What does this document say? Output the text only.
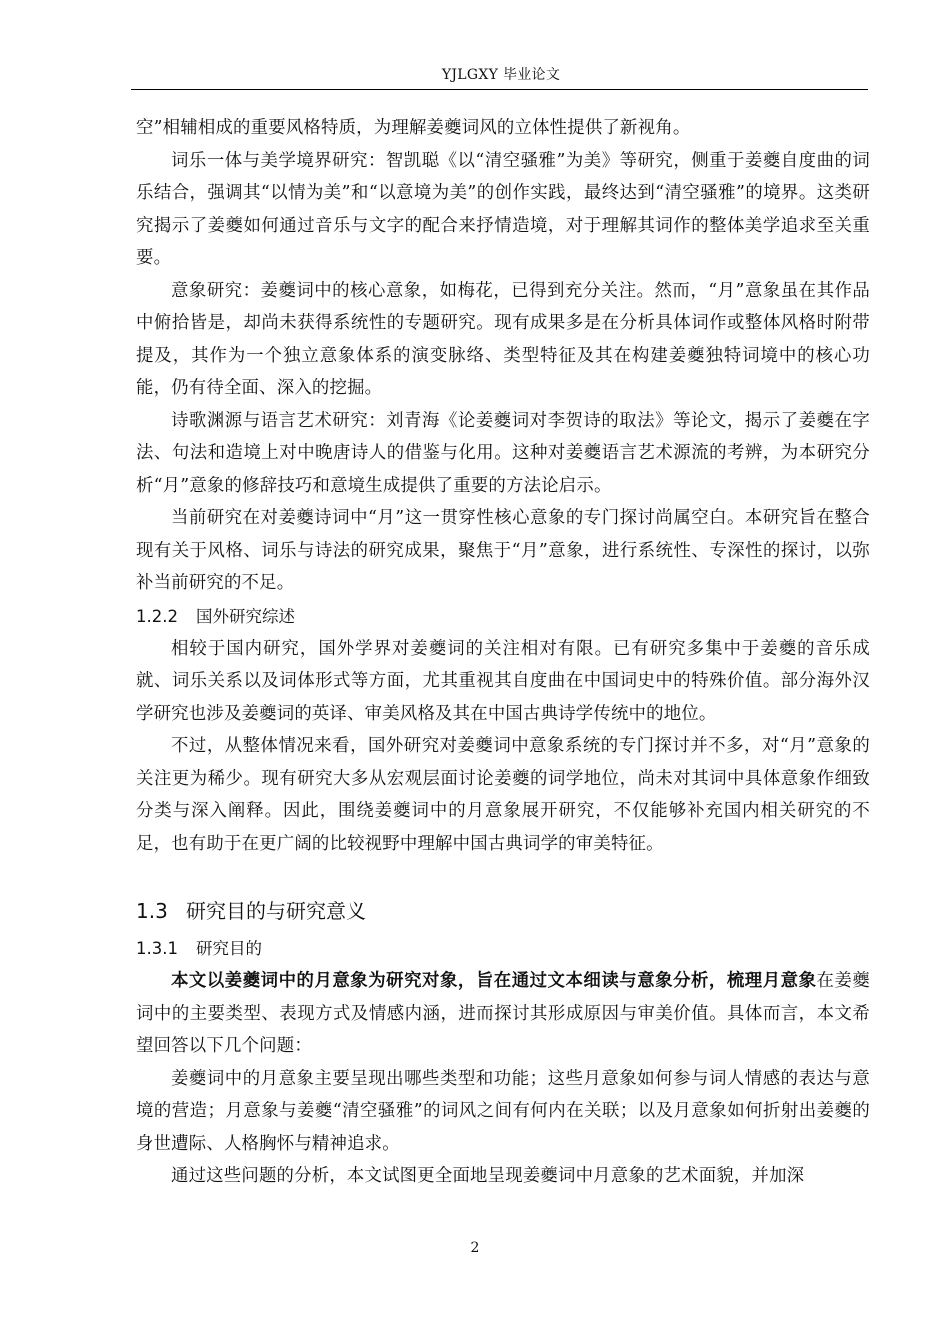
YJLGXY 毕业论文

空”相辅相成的重要风格特质，为理解姜夔词风的立体性提供了新视角。

词乐一体与美学境界研究：智凯聪《以“清空骚雅”为美》等研究，侧重于姜夔自度曲的词乐结合，强调其“以情为美”和“以意境为美”的创作实践，最终达到“清空骚雅”的境界。这类研究揭示了姜夔如何通过音乐与文字的配合来抒情造境，对于理解其词作的整体美学追求至关重要。

意象研究：姜夔词中的核心意象，如梅花，已得到充分关注。然而，“月”意象虽在其作品中俯拾皆是，却尚未获得系统性的专题研究。现有成果多是在分析具体词作或整体风格时附带提及，其作为一个独立意象体系的演变脉络、类型特征及其在构建姜夔独特词境中的核心功能，仍有待全面、深入的挖掘。

诗歌渊源与语言艺术研究：刘青海《论姜夔词对李贺诗的取法》等论文，揭示了姜夔在字法、句法和造境上对中晚唐诗人的借鉴与化用。这种对姜夔语言艺术源流的考辨，为本研究分析“月”意象的修辞技巧和意境生成提供了重要的方法论启示。

当前研究在对姜夔诗词中“月”这一贯穿性核心意象的专门探讨尚属空白。本研究旨在整合现有关于风格、词乐与诗法的研究成果，聚焦于“月”意象，进行系统性、专深性的探讨，以弥补当前研究的不足。

1.2.2 国外研究综述

相较于国内研究，国外学界对姜夔词的关注相对有限。已有研究多集中于姜夔的音乐成就、词乐关系以及词体形式等方面，尤其重视其自度曲在中国词史中的特殊价值。部分海外汉学研究也涉及姜夔词的英译、审美风格及其在中国古典诗学传统中的地位。

不过，从整体情况来看，国外研究对姜夔词中意象系统的专门探讨并不多，对“月”意象的关注更为稀少。现有研究大多从宏观层面讨论姜夔的词学地位，尚未对其词中具体意象作细致分类与深入阐释。因此，围绕姜夔词中的月意象展开研究，不仅能够补充国内相关研究的不足，也有助于在更广阔的比较视野中理解中国古典词学的审美特征。

1.3 研究目的与研究意义
1.3.1 研究目的

本文以姜夔词中的月意象为研究对象，旨在通过文本细读与意象分析，梳理月意象在姜夔词中的主要类型、表现方式及情感内涵，进而探讨其形成原因与审美价值。具体而言，本文希望回答以下几个问题：

姜夔词中的月意象主要呈现出哪些类型和功能；这些月意象如何参与词人情感的表达与意境的营造；月意象与姜夔“清空骚雅”的词风之间有何内在关联；以及月意象如何折射出姜夔的身世遭际、人格胸怀与精神追求。

通过这些问题的分析，本文试图更全面地呈现姜夔词中月意象的艺术面貌，并加深

2
